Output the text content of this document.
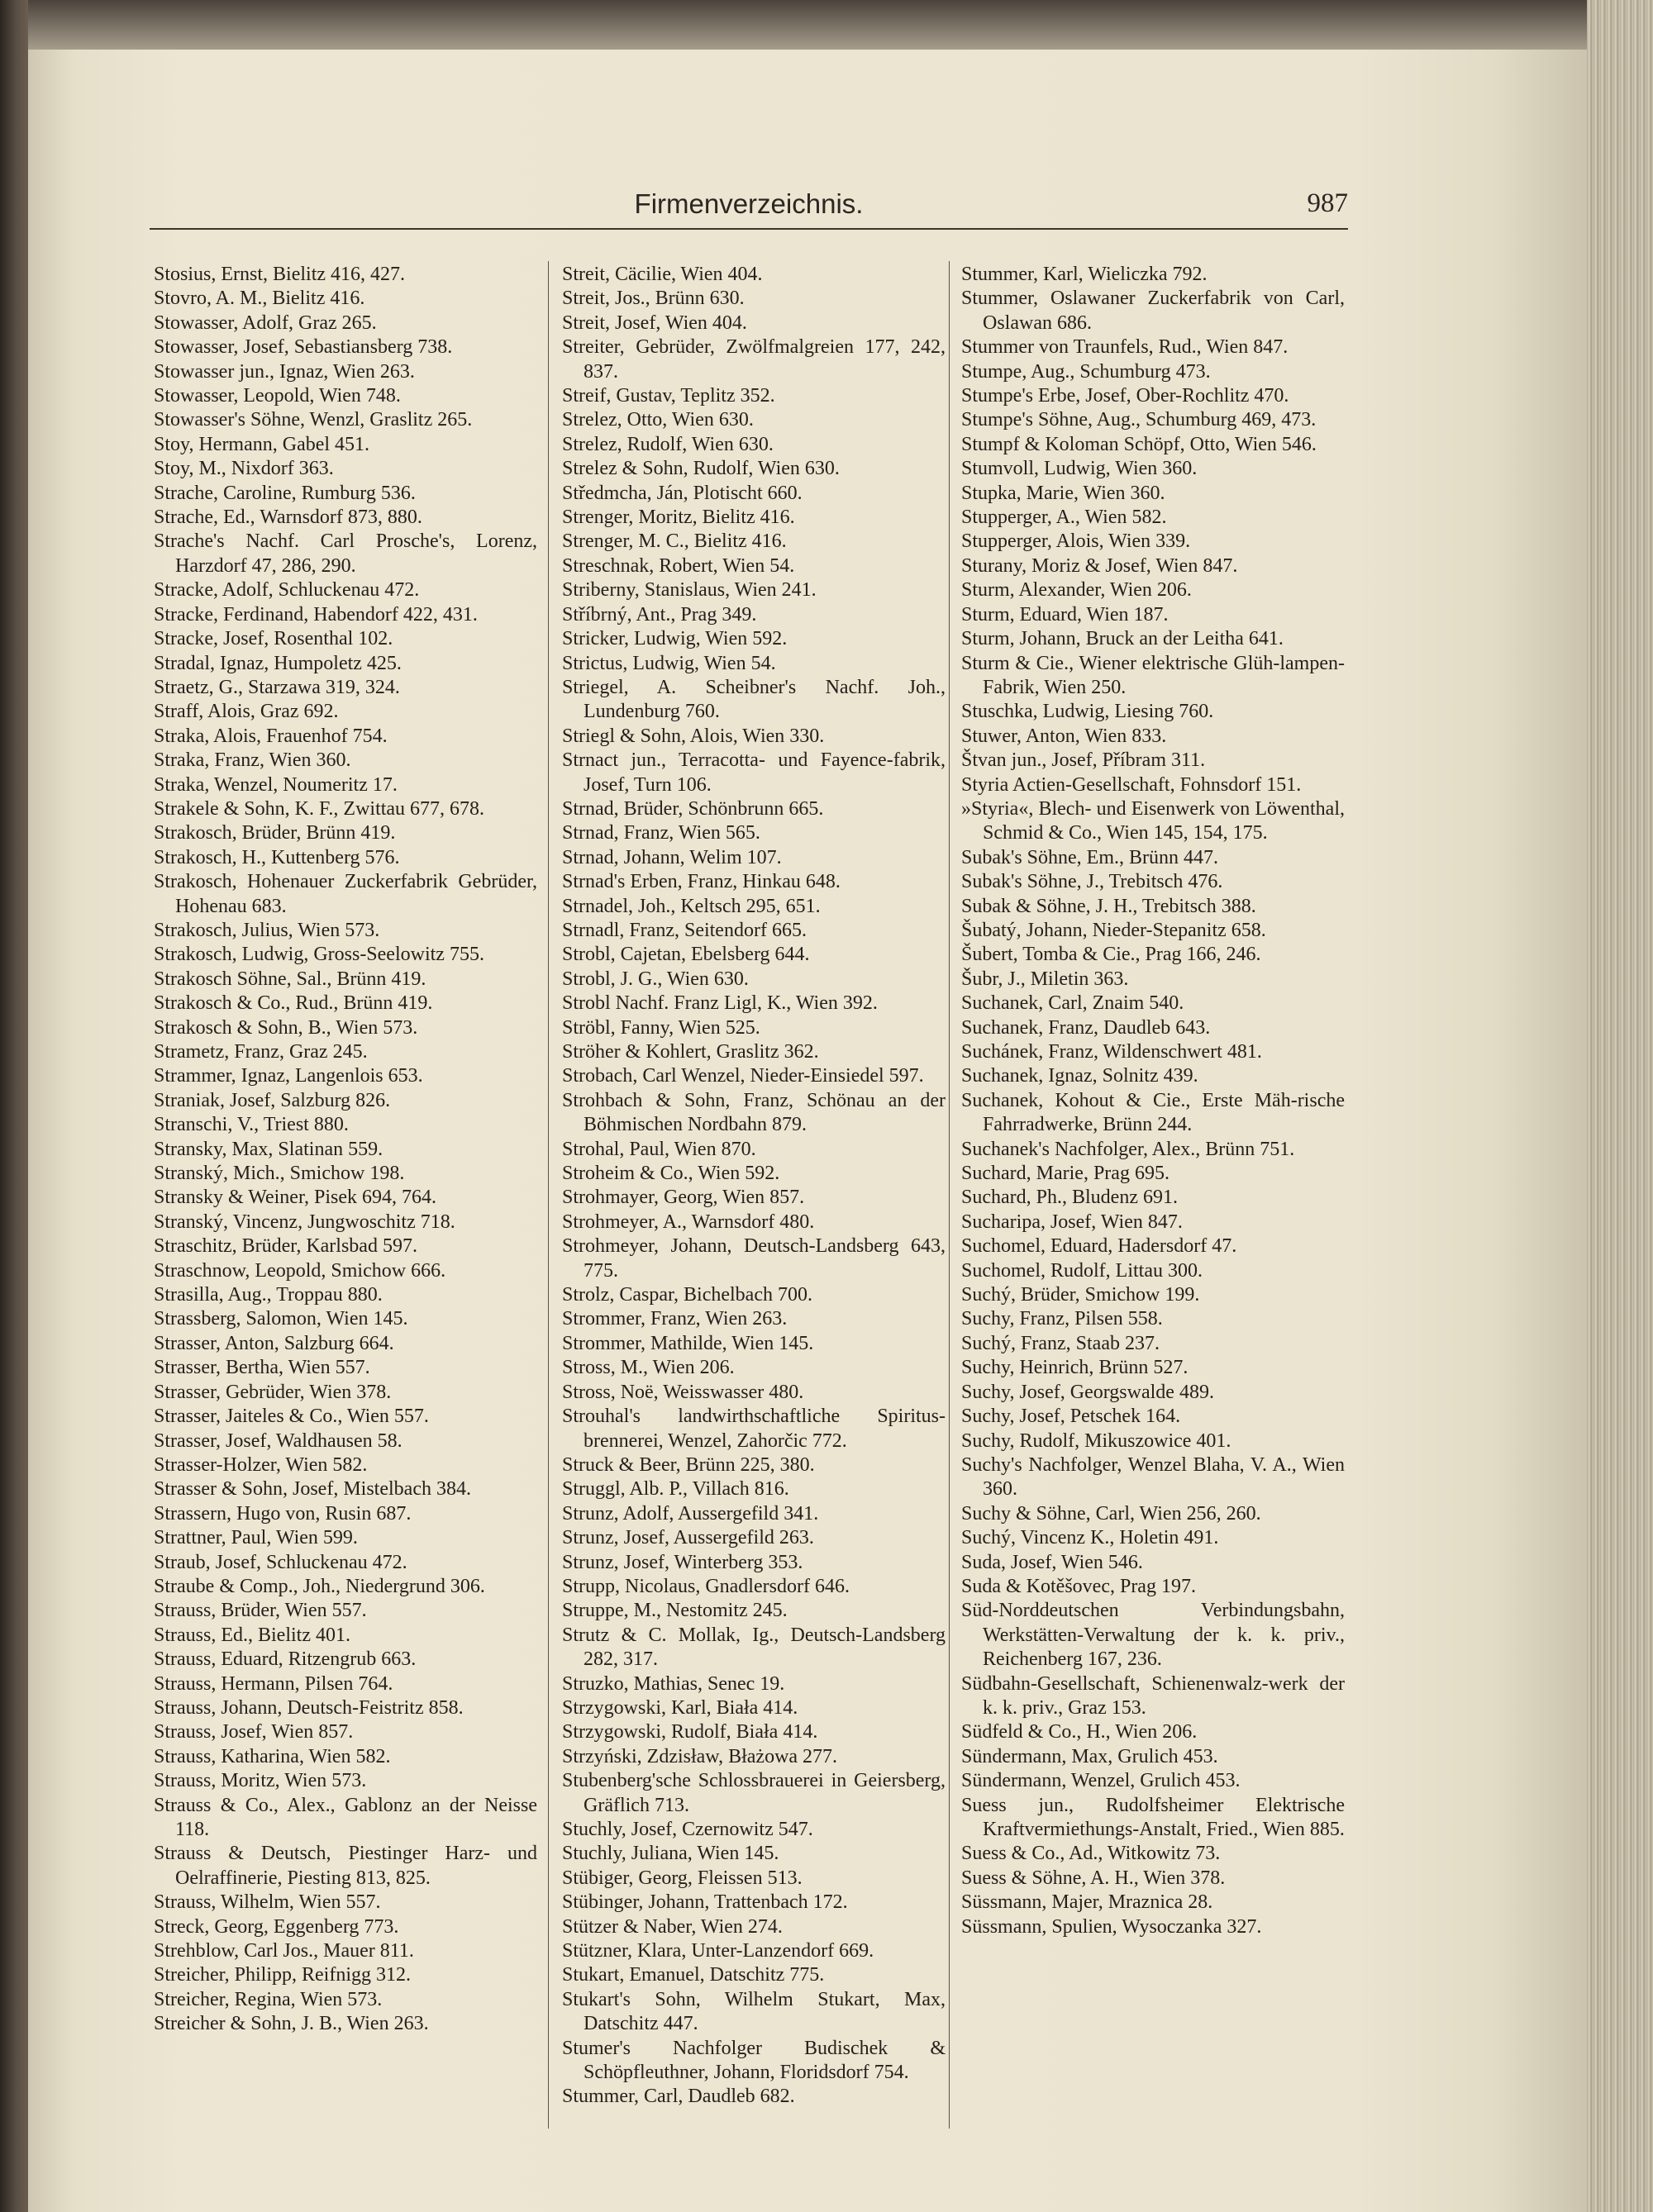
Firmenverzeichnis.	987
Stosius, Ernst, Bielitz 416, 427.
Stovro, A. M., Bielitz 416.
Stowasser, Adolf, Graz 265.
Stowasser, Josef, Sebastiansberg 738.
Stowasser jun., Ignaz, Wien 263.
Stowasser, Leopold, Wien 748.
Stowasser's Söhne, Wenzl, Graslitz 265.
Stoy, Hermann, Gabel 451.
Stoy, M., Nixdorf 363.
Strache, Caroline, Rumburg 536.
Strache, Ed., Warnsdorf 873, 880.
Strache's Nachf. Carl Prosche's, Lorenz, Harzdorf 47, 286, 290.
Stracke, Adolf, Schluckenau 472.
Stracke, Ferdinand, Habendorf 422, 431.
Stracke, Josef, Rosenthal 102.
Stradal, Ignaz, Humpoletz 425.
Straetz, G., Starzawa 319, 324.
Straff, Alois, Graz 692.
Straka, Alois, Frauenhof 754.
Straka, Franz, Wien 360.
Straka, Wenzel, Noumeritz 17.
Strakele & Sohn, K. F., Zwittau 677, 678.
Strakosch, Brüder, Brünn 419.
Strakosch, H., Kuttenberg 576.
Strakosch, Hohenauer Zuckerfabrik Gebrüder, Hohenau 683.
Strakosch, Julius, Wien 573.
Strakosch, Ludwig, Gross-Seelowitz 755.
Strakosch Söhne, Sal., Brünn 419.
Strakosch & Co., Rud., Brünn 419.
Strakosch & Sohn, B., Wien 573.
Strametz, Franz, Graz 245.
Strammer, Ignaz, Langenlois 653.
Straniak, Josef, Salzburg 826.
Stranschi, V., Triest 880.
Stransky, Max, Slatinan 559.
Stranský, Mich., Smichow 198.
Stransky & Weiner, Pisek 694, 764.
Stranský, Vincenz, Jungwoschitz 718.
Straschitz, Brüder, Karlsbad 597.
Straschnow, Leopold, Smichow 666.
Strasilla, Aug., Troppau 880.
Strassberg, Salomon, Wien 145.
Strasser, Anton, Salzburg 664.
Strasser, Bertha, Wien 557.
Strasser, Gebrüder, Wien 378.
Strasser, Jaiteles & Co., Wien 557.
Strasser, Josef, Waldhausen 58.
Strasser-Holzer, Wien 582.
Strasser & Sohn, Josef, Mistelbach 384.
Strassern, Hugo von, Rusin 687.
Strattner, Paul, Wien 599.
Straub, Josef, Schluckenau 472.
Straube & Comp., Joh., Niedergrund 306.
Strauss, Brüder, Wien 557.
Strauss, Ed., Bielitz 401.
Strauss, Eduard, Ritzengrub 663.
Strauss, Hermann, Pilsen 764.
Strauss, Johann, Deutsch-Feistritz 858.
Strauss, Josef, Wien 857.
Strauss, Katharina, Wien 582.
Strauss, Moritz, Wien 573.
Strauss & Co., Alex., Gablonz an der Neisse 118.
Strauss & Deutsch, Piestinger Harz- und Oelraffinerie, Piesting 813, 825.
Strauss, Wilhelm, Wien 557.
Streck, Georg, Eggenberg 773.
Strehblow, Carl Jos., Mauer 811.
Streicher, Philipp, Reifnigg 312.
Streicher, Regina, Wien 573.
Streicher & Sohn, J. B., Wien 263.
Streit, Cäcilie, Wien 404.
Streit, Jos., Brünn 630.
Streit, Josef, Wien 404.
Streiter, Gebrüder, Zwölfmalgreien 177, 242, 837.
Streif, Gustav, Teplitz 352.
Strelez, Otto, Wien 630.
Strelez, Rudolf, Wien 630.
Strelez & Sohn, Rudolf, Wien 630.
Středmcha, Ján, Plotischt 660.
Strenger, Moritz, Bielitz 416.
Strenger, M. C., Bielitz 416.
Streschnak, Robert, Wien 54.
Striberny, Stanislaus, Wien 241.
Stříbrný, Ant., Prag 349.
Stricker, Ludwig, Wien 592.
Strictus, Ludwig, Wien 54.
Striegel, A. Scheibner's Nachf. Joh., Lundenburg 760.
Striegl & Sohn, Alois, Wien 330.
Strnact jun., Terracotta- und Fayence-fabrik, Josef, Turn 106.
Strnad, Brüder, Schönbrunn 665.
Strnad, Franz, Wien 565.
Strnad, Johann, Welim 107.
Strnad's Erben, Franz, Hinkau 648.
Strnadel, Joh., Keltsch 295, 651.
Strnadl, Franz, Seitendorf 665.
Strobl, Cajetan, Ebelsberg 644.
Strobl, J. G., Wien 630.
Strobl Nachf. Franz Ligl, K., Wien 392.
Ströbl, Fanny, Wien 525.
Ströher & Kohlert, Graslitz 362.
Strobach, Carl Wenzel, Nieder-Einsiedel 597.
Strohbach & Sohn, Franz, Schönau an der Böhmischen Nordbahn 879.
Strohal, Paul, Wien 870.
Stroheim & Co., Wien 592.
Strohmayer, Georg, Wien 857.
Strohmeyer, A., Warnsdorf 480.
Strohmeyer, Johann, Deutsch-Landsberg 643, 775.
Strolz, Caspar, Bichelbach 700.
Strommer, Franz, Wien 263.
Strommer, Mathilde, Wien 145.
Stross, M., Wien 206.
Stross, Noë, Weisswasser 480.
Strouhal's landwirthschaftliche Spiritus-brennerei, Wenzel, Zahorčic 772.
Struck & Beer, Brünn 225, 380.
Struggl, Alb. P., Villach 816.
Strunz, Adolf, Aussergefild 341.
Strunz, Josef, Aussergefild 263.
Strunz, Josef, Winterberg 353.
Strupp, Nicolaus, Gnadlersdorf 646.
Struppe, M., Nestomitz 245.
Strutz & C. Mollak, Ig., Deutsch-Landsberg 282, 317.
Struzko, Mathias, Senec 19.
Strzygowski, Karl, Biała 414.
Strzygowski, Rudolf, Biała 414.
Strzyński, Zdzisław, Błażowa 277.
Stubenberg'sche Schlossbrauerei in Geiersberg, Gräflich 713.
Stuchly, Josef, Czernowitz 547.
Stuchly, Juliana, Wien 145.
Stübiger, Georg, Fleissen 513.
Stübinger, Johann, Trattenbach 172.
Stützer & Naber, Wien 274.
Stützner, Klara, Unter-Lanzendorf 669.
Stukart, Emanuel, Datschitz 775.
Stukart's Sohn, Wilhelm Stukart, Max, Datschitz 447.
Stumer's Nachfolger Budischek & Schöpfleuthner, Johann, Floridsdorf 754.
Stummer, Carl, Daudleb 682.
Stummer, Karl, Wieliczka 792.
Stummer, Oslawaner Zuckerfabrik von Carl, Oslawan 686.
Stummer von Traunfels, Rud., Wien 847.
Stumpe, Aug., Schumburg 473.
Stumpe's Erbe, Josef, Ober-Rochlitz 470.
Stumpe's Söhne, Aug., Schumburg 469, 473.
Stumpf & Koloman Schöpf, Otto, Wien 546.
Stumvoll, Ludwig, Wien 360.
Stupka, Marie, Wien 360.
Stupperger, A., Wien 582.
Stupperger, Alois, Wien 339.
Sturany, Moriz & Josef, Wien 847.
Sturm, Alexander, Wien 206.
Sturm, Eduard, Wien 187.
Sturm, Johann, Bruck an der Leitha 641.
Sturm & Cie., Wiener elektrische Glüh-lampen-Fabrik, Wien 250.
Stuschka, Ludwig, Liesing 760.
Stuwer, Anton, Wien 833.
Štvan jun., Josef, Příbram 311.
Styria Actien-Gesellschaft, Fohnsdorf 151.
»Styria«, Blech- und Eisenwerk von Löwenthal, Schmid & Co., Wien 145, 154, 175.
Subak's Söhne, Em., Brünn 447.
Subak's Söhne, J., Trebitsch 476.
Subak & Söhne, J. H., Trebitsch 388.
Šubatý, Johann, Nieder-Stepanitz 658.
Šubert, Tomba & Cie., Prag 166, 246.
Šubr, J., Miletin 363.
Suchanek, Carl, Znaim 540.
Suchanek, Franz, Daudleb 643.
Suchánek, Franz, Wildenschwert 481.
Suchanek, Ignaz, Solnitz 439.
Suchanek, Kohout & Cie., Erste Mäh-rische Fahrradwerke, Brünn 244.
Suchanek's Nachfolger, Alex., Brünn 751.
Suchard, Marie, Prag 695.
Suchard, Ph., Bludenz 691.
Sucharipa, Josef, Wien 847.
Suchomel, Eduard, Hadersdorf 47.
Suchomel, Rudolf, Littau 300.
Suchý, Brüder, Smichow 199.
Suchy, Franz, Pilsen 558.
Suchý, Franz, Staab 237.
Suchy, Heinrich, Brünn 527.
Suchy, Josef, Georgswalde 489.
Suchy, Josef, Petschek 164.
Suchy, Rudolf, Mikuszowice 401.
Suchy's Nachfolger, Wenzel Blaha, V. A., Wien 360.
Suchy & Söhne, Carl, Wien 256, 260.
Suchý, Vincenz K., Holetin 491.
Suda, Josef, Wien 546.
Suda & Kotěšovec, Prag 197.
Süd-Norddeutschen Verbindungsbahn, Werkstätten-Verwaltung der k. k. priv., Reichenberg 167, 236.
Südbahn-Gesellschaft, Schienenwalz-werk der k. k. priv., Graz 153.
Südfeld & Co., H., Wien 206.
Sündermann, Max, Grulich 453.
Sündermann, Wenzel, Grulich 453.
Suess jun., Rudolfsheimer Elektrische Kraftvermiethungs-Anstalt, Fried., Wien 885.
Suess & Co., Ad., Witkowitz 73.
Suess & Söhne, A. H., Wien 378.
Süssmann, Majer, Mraznica 28.
Süssmann, Spulien, Wysoczanka 327.
